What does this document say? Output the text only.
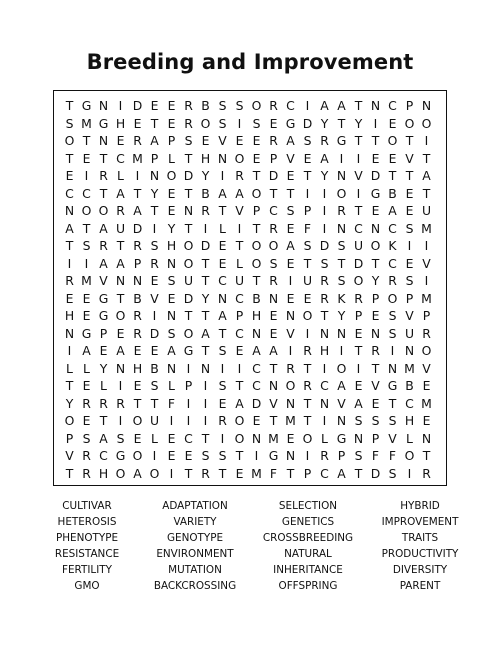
Breeding and Improvement
T G N I D E E R B S S O R C I A A T N C P N
S M G H E T E R O S I S E G D Y T Y I E O O
O T N E R A P S E V E E R A S R G T T O T I
T E T C M P L T H N O E P V E A I	I E E V T
E I R L I N O D Y I R T D E T Y N V D T T A
C C T A T Y E T B A A O T T I	I O I G B E T
N O O R A T E N R T V P C S P I R T E A E U
A T A U D I Y T I L I T R E F I N C N C S M
T S R T R S H O D E T O O A S D S U O K I	I
I	I A A P R N O T E L O S E T S T D T C E V
R M V N N E S U T C U T R I U R S O Y R S I
E E G T B V E D Y N C B N E E R K R P O P M
H E G O R I N T T A P H E N O T Y P E S V P
N G P E R D S O A T C N E V I N N E N S U R
I A E A E E A G T S E A A I R H I T R I N O
L L Y N H B N I N I	I C T R T I O I T N M V
T E L I E S L P I S T C N O R C A E V G B E
Y R R R T T F I	I E A D V N T N V A E T C M
O E T I O U I	I	I R O E T M T I N S S S H E
P S A S E L E C T I O N M E O L G N P V L N
V R C G O I E E S S T I G N I R P S F F O T
T R H O A O I T R T E M F T P C A T D S I R
CULTIVAR	ADAPTATION	SELECTION	HYBRID
HETEROSIS	VARIETY	GENETICS	IMPROVEMENT
PHENOTYPE	GENOTYPE	CROSSBREEDING	TRAITS
RESISTANCE	ENVIRONMENT	NATURAL	PRODUCTIVITY
FERTILITY	MUTATION	INHERITANCE	DIVERSITY
GMO	BACKCROSSING	OFFSPRING	PARENT
